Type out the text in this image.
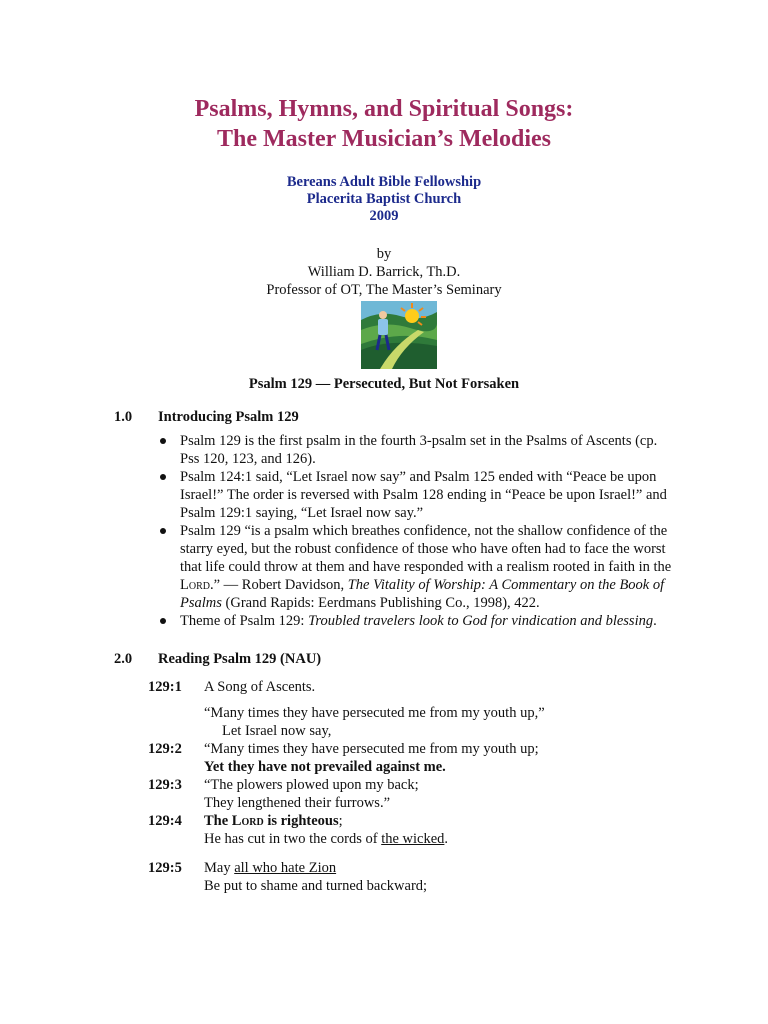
Psalms, Hymns, and Spiritual Songs:
The Master Musician’s Melodies
Bereans Adult Bible Fellowship
Placerita Baptist Church
2009
by
William D. Barrick, Th.D.
Professor of OT, The Master’s Seminary
Psalm 129 — Persecuted, But Not Forsaken
1.0 Introducing Psalm 129
Psalm 129 is the first psalm in the fourth 3-psalm set in the Psalms of Ascents (cp. Pss 120, 123, and 126).
Psalm 124:1 said, “Let Israel now say” and Psalm 125 ended with “Peace be upon Israel!” The order is reversed with Psalm 128 ending in “Peace be upon Israel!” and Psalm 129:1 saying, “Let Israel now say.”
Psalm 129 “is a psalm which breathes confidence, not the shallow confidence of the starry eyed, but the robust confidence of those who have often had to face the worst that life could throw at them and have responded with a realism rooted in faith in the Lord.” — Robert Davidson, The Vitality of Worship: A Commentary on the Book of Psalms (Grand Rapids: Eerdmans Publishing Co., 1998), 422.
Theme of Psalm 129: Troubled travelers look to God for vindication and blessing.
2.0 Reading Psalm 129 (NAU)
129:1 A Song of Ascents.
“Many times they have persecuted me from my youth up,”
Let Israel now say,
129:2 “Many times they have persecuted me from my youth up;
Yet they have not prevailed against me.
129:3 “The plowers plowed upon my back;
They lengthened their furrows.”
129:4 The Lord is righteous;
He has cut in two the cords of the wicked.
129:5 May all who hate Zion
Be put to shame and turned backward;
